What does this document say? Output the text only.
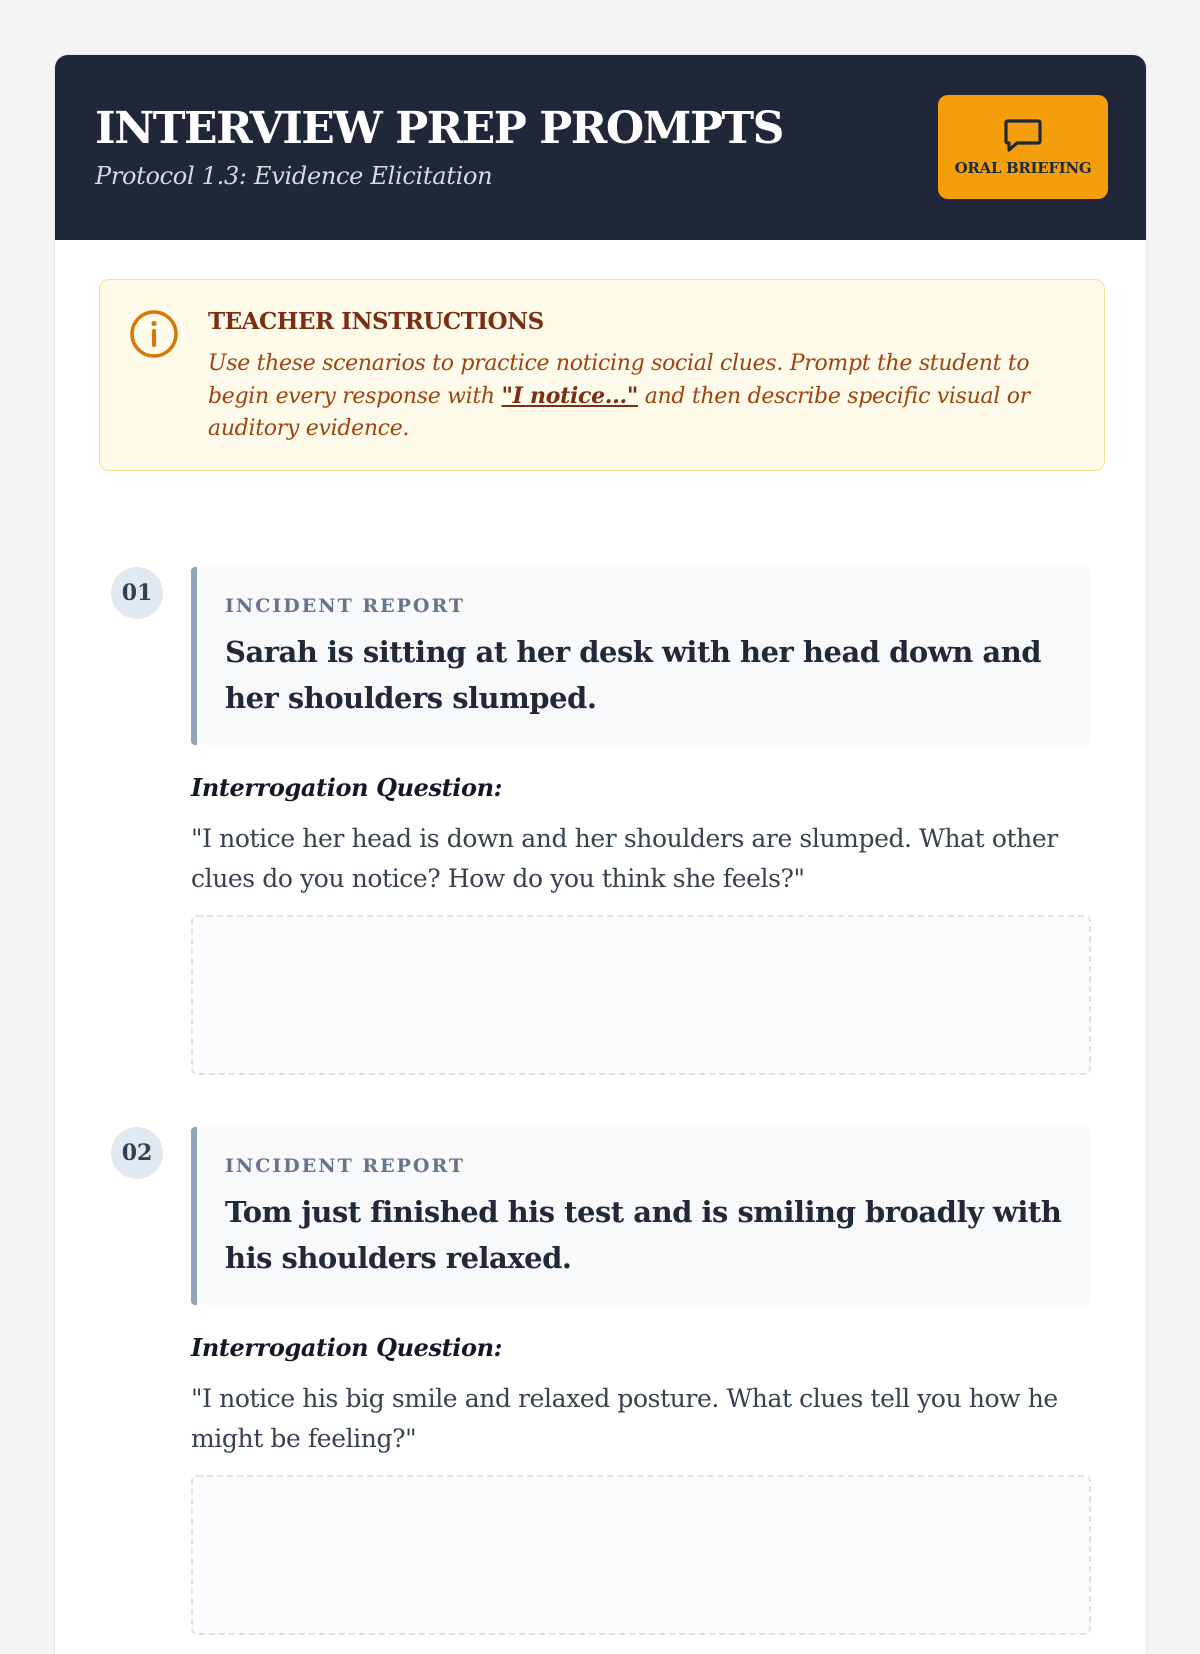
INTERVIEW PREP PROMPTS
Protocol 1.3: Evidence Elicitation	ORAL BRIEFING
TEACHER INSTRUCTIONS
Use these scenarios to practice noticing social clues. Prompt the student to begin every response with "I notice..." and then describe specific visual or auditory evidence.
01	INCIDENT REPORT
Sarah is sitting at her desk with her head down and her shoulders slumped.
Interrogation Question:
"I notice her head is down and her shoulders are slumped. What other clues do you notice? How do you think she feels?"
02	INCIDENT REPORT
Tom just finished his test and is smiling broadly with his shoulders relaxed.
Interrogation Question:
"I notice his big smile and relaxed posture. What clues tell you how he might be feeling?"
